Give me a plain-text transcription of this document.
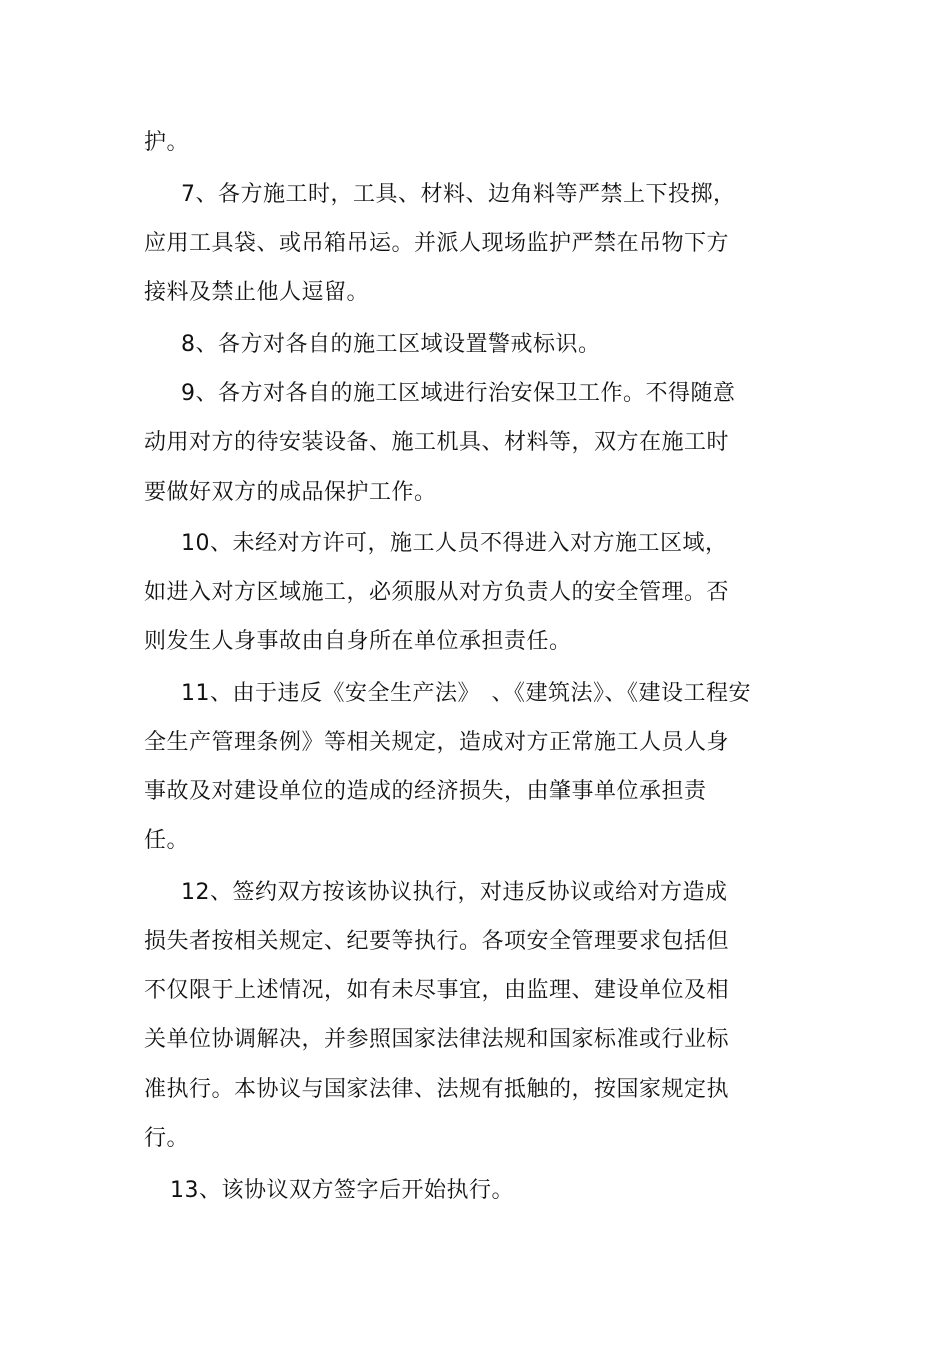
护。
7、各方施工时，工具、材料、边角料等严禁上下投掷，
应用工具袋、或吊箱吊运。并派人现场监护严禁在吊物下方
接料及禁止他人逗留。
8、各方对各自的施工区域设置警戒标识。
9、各方对各自的施工区域进行治安保卫工作。不得随意
动用对方的待安装设备、施工机具、材料等，双方在施工时
要做好双方的成品保护工作。
10、未经对方许可，施工人员不得进入对方施工区域，
如进入对方区域施工，必须服从对方负责人的安全管理。否
则发生人身事故由自身所在单位承担责任。
11、由于违反《安全生产法》　、《建筑法》、《建设工程安
全生产管理条例》等相关规定，造成对方正常施工人员人身
事故及对建设单位的造成的经济损失，由肇事单位承担责
任。
12、签约双方按该协议执行，对违反协议或给对方造成
损失者按相关规定、纪要等执行。各项安全管理要求包括但
不仅限于上述情况，如有未尽事宜，由监理、建设单位及相
关单位协调解决，并参照国家法律法规和国家标准或行业标
准执行。本协议与国家法律、法规有抵触的，按国家规定执
行。
13、该协议双方签字后开始执行。
